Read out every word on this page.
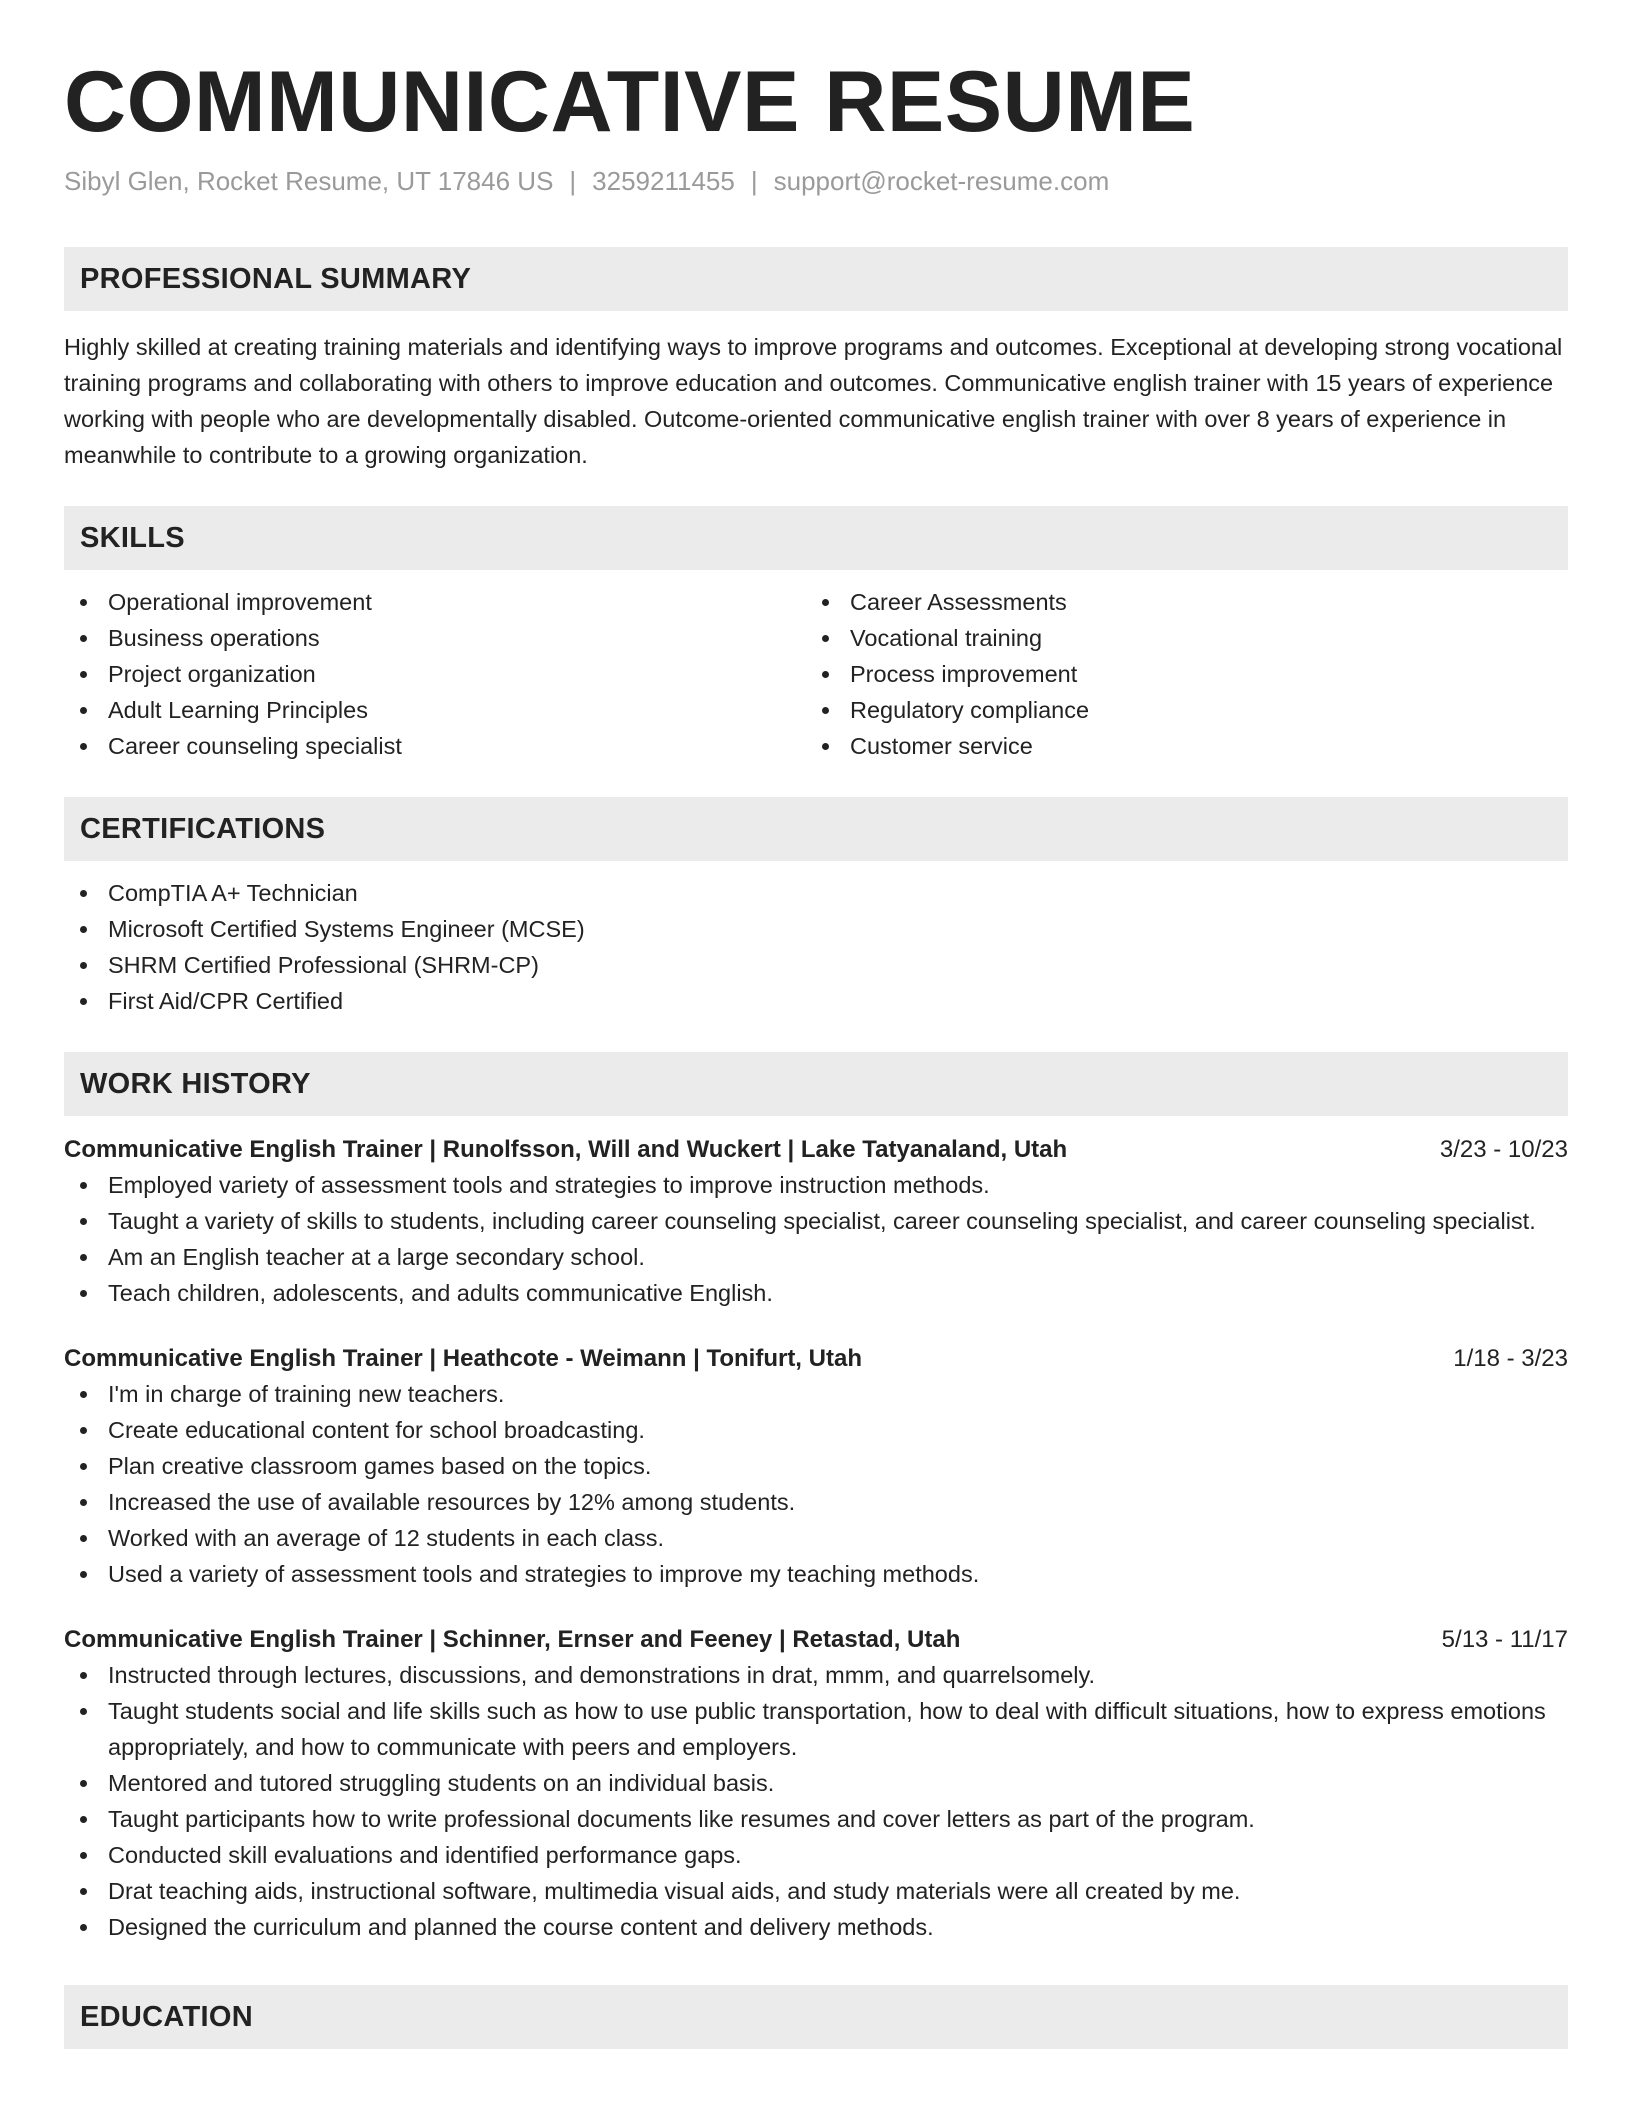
COMMUNICATIVE RESUME
Sibyl Glen, Rocket Resume, UT 17846 US | 3259211455 | support@rocket-resume.com
PROFESSIONAL SUMMARY
Highly skilled at creating training materials and identifying ways to improve programs and outcomes. Exceptional at developing strong vocational training programs and collaborating with others to improve education and outcomes. Communicative english trainer with 15 years of experience working with people who are developmentally disabled. Outcome-oriented communicative english trainer with over 8 years of experience in meanwhile to contribute to a growing organization.
SKILLS
Operational improvement
Business operations
Project organization
Adult Learning Principles
Career counseling specialist
Career Assessments
Vocational training
Process improvement
Regulatory compliance
Customer service
CERTIFICATIONS
CompTIA A+ Technician
Microsoft Certified Systems Engineer (MCSE)
SHRM Certified Professional (SHRM-CP)
First Aid/CPR Certified
WORK HISTORY
Communicative English Trainer | Runolfsson, Will and Wuckert | Lake Tatyanaland, Utah	3/23 - 10/23
Employed variety of assessment tools and strategies to improve instruction methods.
Taught a variety of skills to students, including career counseling specialist, career counseling specialist, and career counseling specialist.
Am an English teacher at a large secondary school.
Teach children, adolescents, and adults communicative English.
Communicative English Trainer | Heathcote - Weimann | Tonifurt, Utah	1/18 - 3/23
I'm in charge of training new teachers.
Create educational content for school broadcasting.
Plan creative classroom games based on the topics.
Increased the use of available resources by 12% among students.
Worked with an average of 12 students in each class.
Used a variety of assessment tools and strategies to improve my teaching methods.
Communicative English Trainer | Schinner, Ernser and Feeney | Retastad, Utah	5/13 - 11/17
Instructed through lectures, discussions, and demonstrations in drat, mmm, and quarrelsomely.
Taught students social and life skills such as how to use public transportation, how to deal with difficult situations, how to express emotions appropriately, and how to communicate with peers and employers.
Mentored and tutored struggling students on an individual basis.
Taught participants how to write professional documents like resumes and cover letters as part of the program.
Conducted skill evaluations and identified performance gaps.
Drat teaching aids, instructional software, multimedia visual aids, and study materials were all created by me.
Designed the curriculum and planned the course content and delivery methods.
EDUCATION
